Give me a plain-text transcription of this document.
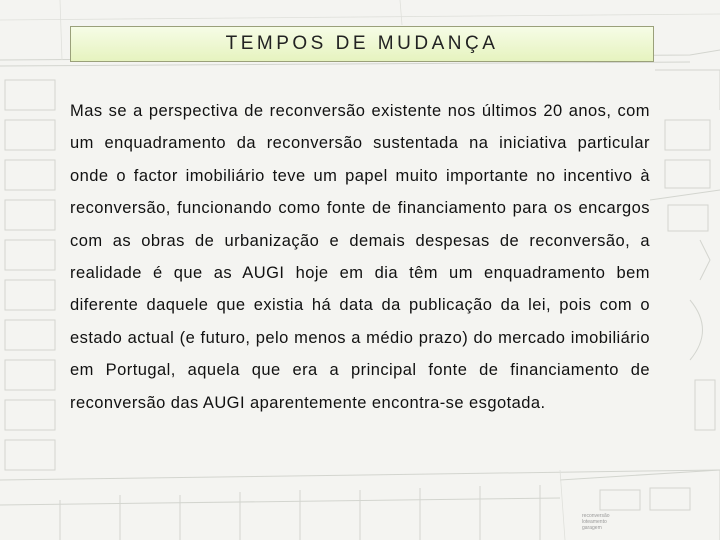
TEMPOS DE MUDANÇA

Mas se a perspectiva de reconversão existente nos últimos 20 anos, com um enquadramento da reconversão sustentada na iniciativa particular onde o factor imobiliário teve um papel muito importante no incentivo à reconversão, funcionando como fonte de financiamento para os encargos com as obras de urbanização e demais despesas de reconversão, a realidade é que as AUGI hoje em dia têm um enquadramento bem diferente daquele que existia há data da publicação da lei, pois com o estado actual (e futuro, pelo menos a médio prazo) do mercado imobiliário em Portugal, aquela que era a principal fonte de financiamento de reconversão das AUGI aparentemente encontra-se esgotada.

reconversão
loteamento
garagem
